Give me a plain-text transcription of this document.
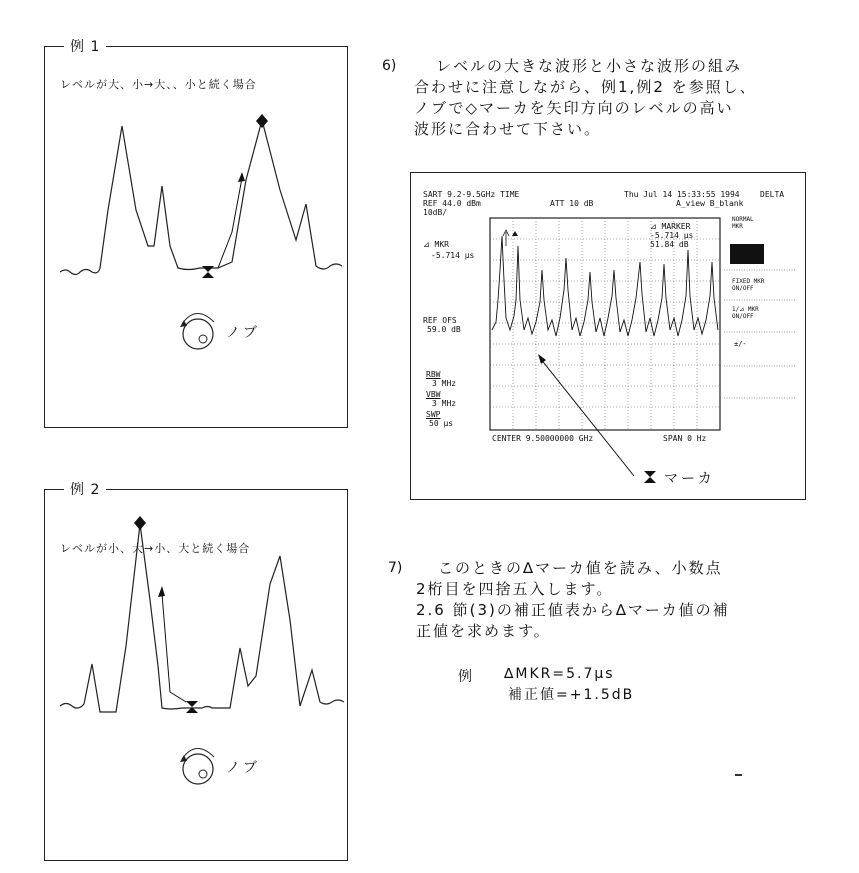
例 1
レベルが大、小→大、、小と続く場合
ノブ
例 2
レベルが小、大→小、大と続く場合
ノブ
6)	レベルの大きな波形と小さな波形の組み
合わせに注意しながら、例1,例2 を参照し、
ノブで◇マーカを矢印方向のレベルの高い
波形に合わせて下さい。
SART 9.2-9.5GHz TIME	Thu Jul 14 15:33:55 1994	DELTA
REF 44.0 dBm	ATT 10 dB	A_view B_blank
10dB/
⊿ MKR
-5.714 μs
REF OFS
59.0 dB
RBW
3 MHz
VBW
3 MHz
SWP
50 μs
CENTER 9.50000000 GHz	SPAN 0 Hz
⊿ MARKER
-5.714 μs
51.84 dB
NORMAL
MKR
FIXED MKR
ON/OFF
1/⊿ MKR
ON/OFF
±/-
マーカ
7) このときの∆マーカ値を読み、小数点
2桁目を四捨五入します。
2.6 節(3)の補正値表から∆マーカ値の補
正値を求めます。
例 ∆MKR=5.7μs
補正値=+1.5dB
